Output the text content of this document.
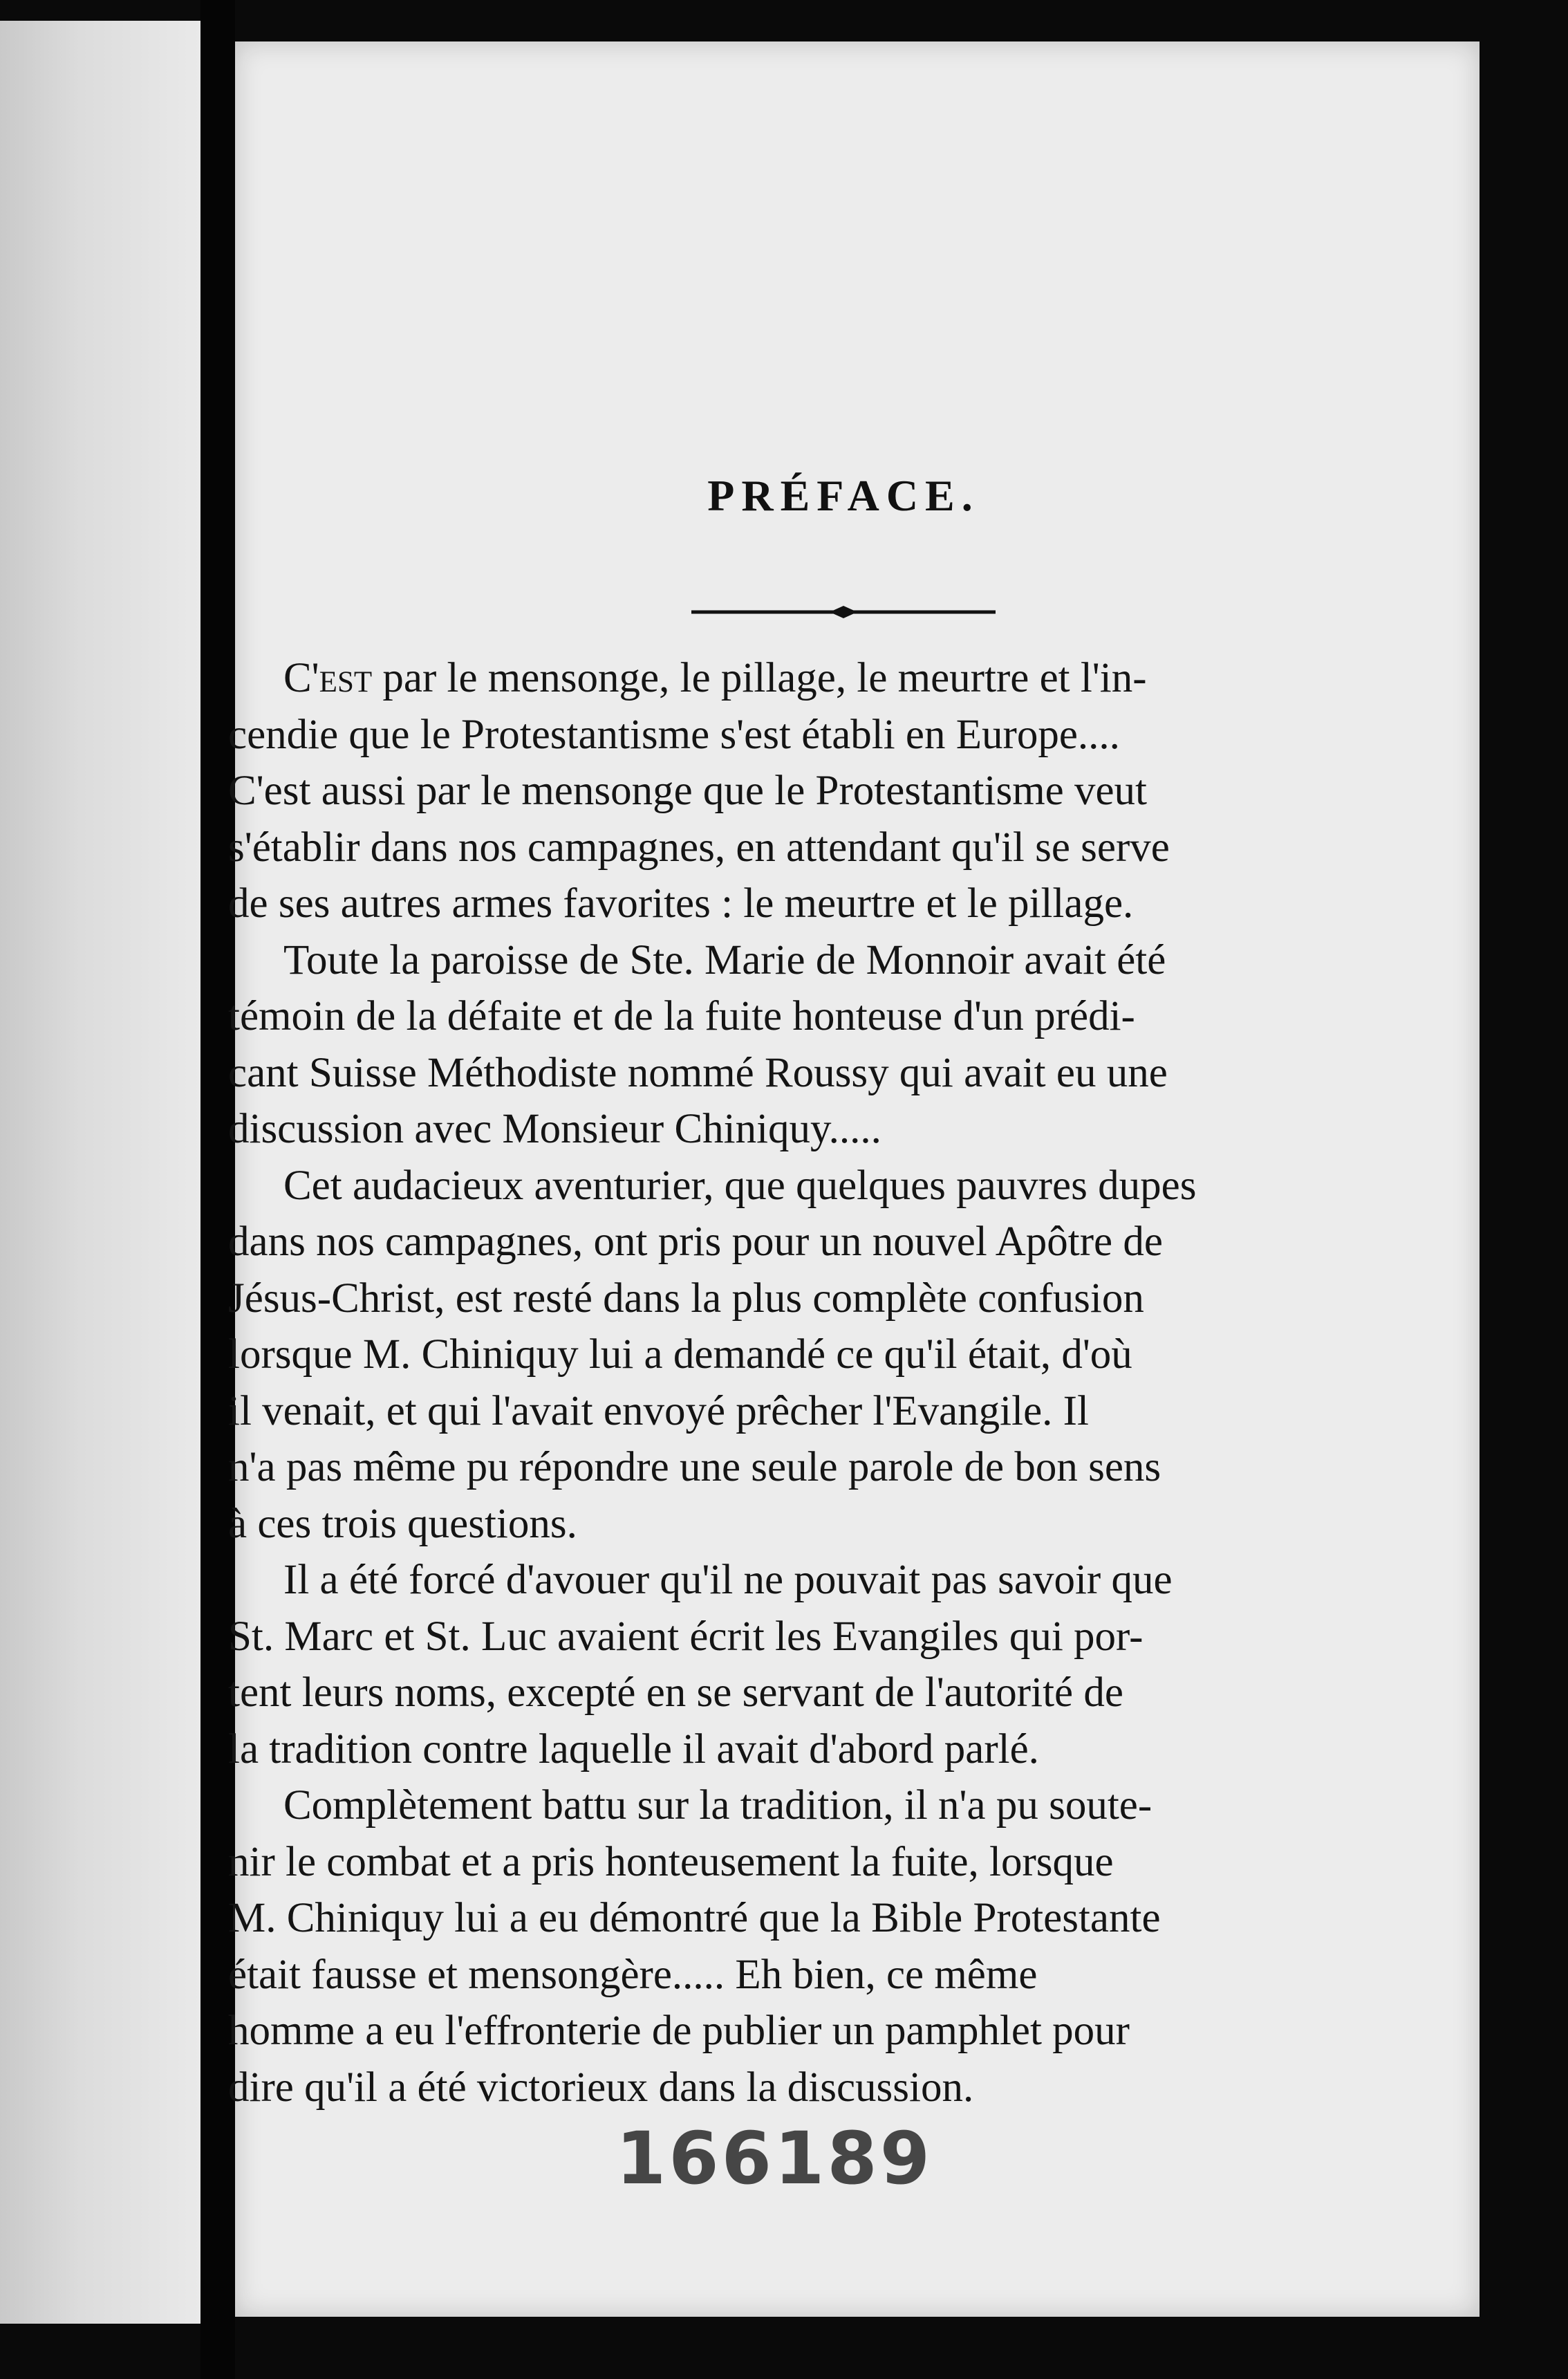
PRÉFACE.

C'est par le mensonge, le pillage, le meurtre et l'in-
cendie que le Protestantisme s'est établi en Europe....
C'est aussi par le mensonge que le Protestantisme veut
s'établir dans nos campagnes, en attendant qu'il se serve
de ses autres armes favorites : le meurtre et le pillage.

Toute la paroisse de Ste. Marie de Monnoir avait été
témoin de la défaite et de la fuite honteuse d'un prédi-
cant Suisse Méthodiste nommé Roussy qui avait eu une
discussion avec Monsieur Chiniquy.....

Cet audacieux aventurier, que quelques pauvres dupes
dans nos campagnes, ont pris pour un nouvel Apôtre de
Jésus-Christ, est resté dans la plus complète confusion
lorsque M. Chiniquy lui a demandé ce qu'il était, d'où
il venait, et qui l'avait envoyé prêcher l'Evangile. Il
n'a pas même pu répondre une seule parole de bon sens
à ces trois questions.

Il a été forcé d'avouer qu'il ne pouvait pas savoir que
St. Marc et St. Luc avaient écrit les Evangiles qui por-
tent leurs noms, excepté en se servant de l'autorité de
la tradition contre laquelle il avait d'abord parlé.

Complètement battu sur la tradition, il n'a pu soute-
nir le combat et a pris honteusement la fuite, lorsque
M. Chiniquy lui a eu démontré que la Bible Protestante
était fausse et mensongère..... Eh bien, ce même
homme a eu l'effronterie de publier un pamphlet pour
dire qu'il a été victorieux dans la discussion.

166189
